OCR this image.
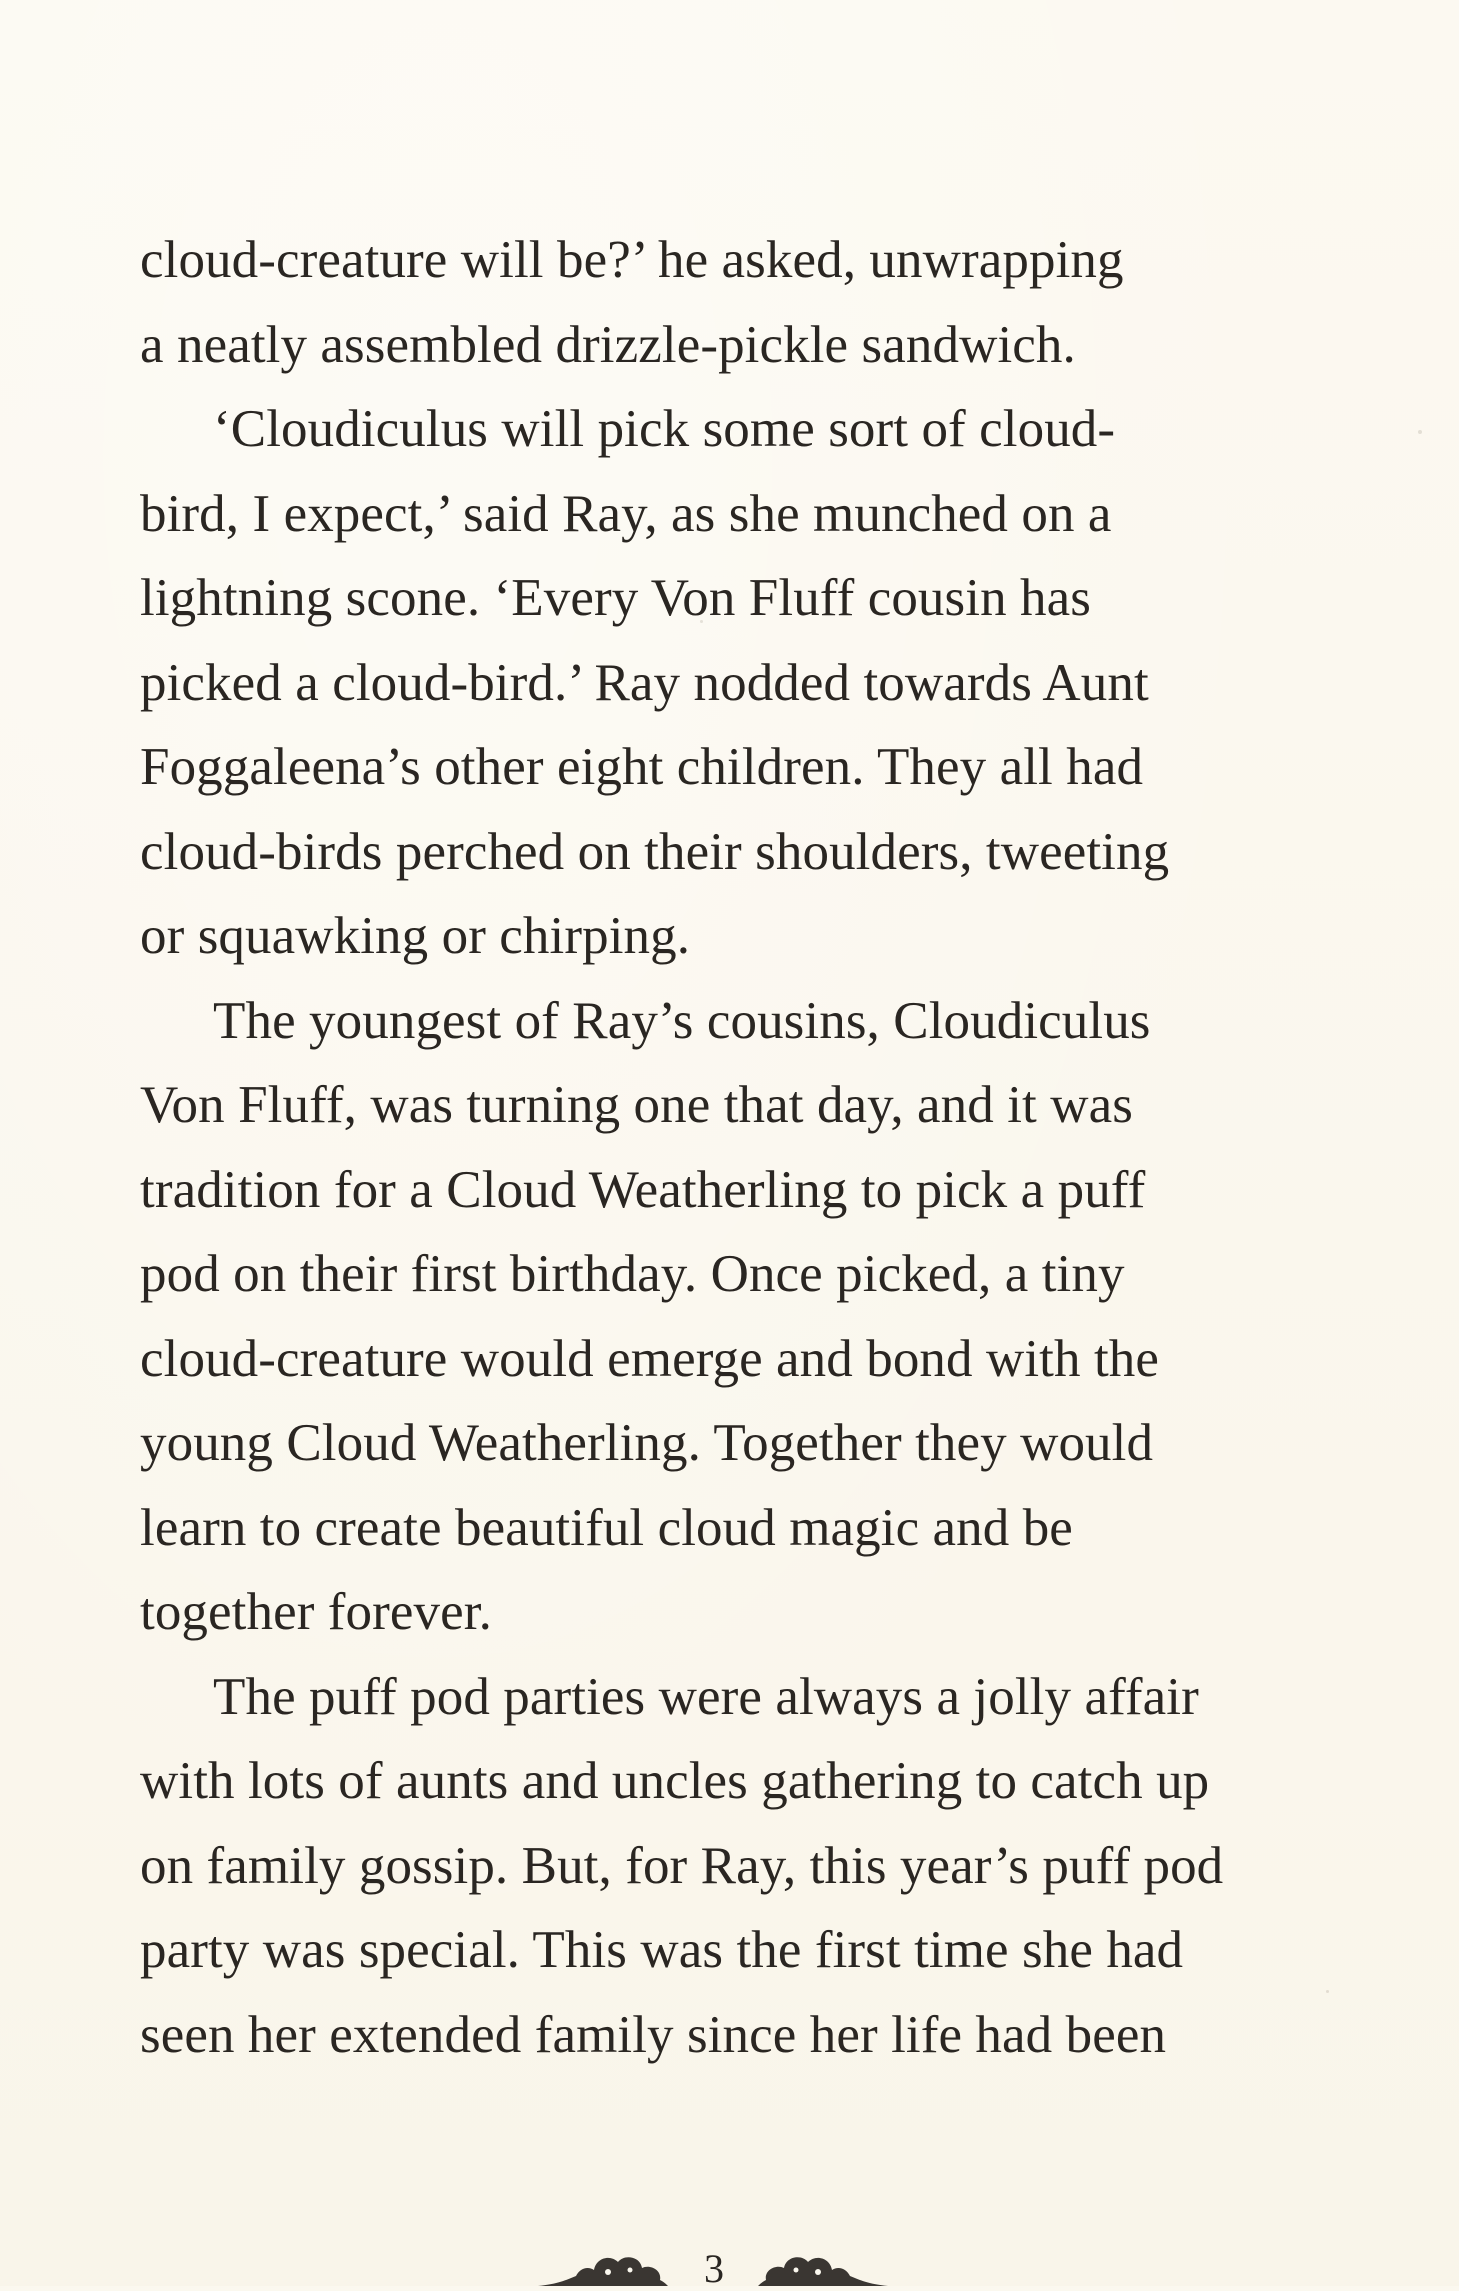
cloud-creature will be?’ he asked, unwrapping
a neatly assembled drizzle-pickle sandwich.
‘Cloudiculus will pick some sort of cloud-
bird, I expect,’ said Ray, as she munched on a
lightning scone. ‘Every Von Fluff cousin has
picked a cloud-bird.’ Ray nodded towards Aunt
Foggaleena’s other eight children. They all had
cloud-birds perched on their shoulders, tweeting
or squawking or chirping.
The youngest of Ray’s cousins, Cloudiculus
Von Fluff, was turning one that day, and it was
tradition for a Cloud Weatherling to pick a puff
pod on their first birthday. Once picked, a tiny
cloud-creature would emerge and bond with the
young Cloud Weatherling. Together they would
learn to create beautiful cloud magic and be
together forever.
The puff pod parties were always a jolly affair
with lots of aunts and uncles gathering to catch up
on family gossip. But, for Ray, this year’s puff pod
party was special. This was the first time she had
seen her extended family since her life had been
3
